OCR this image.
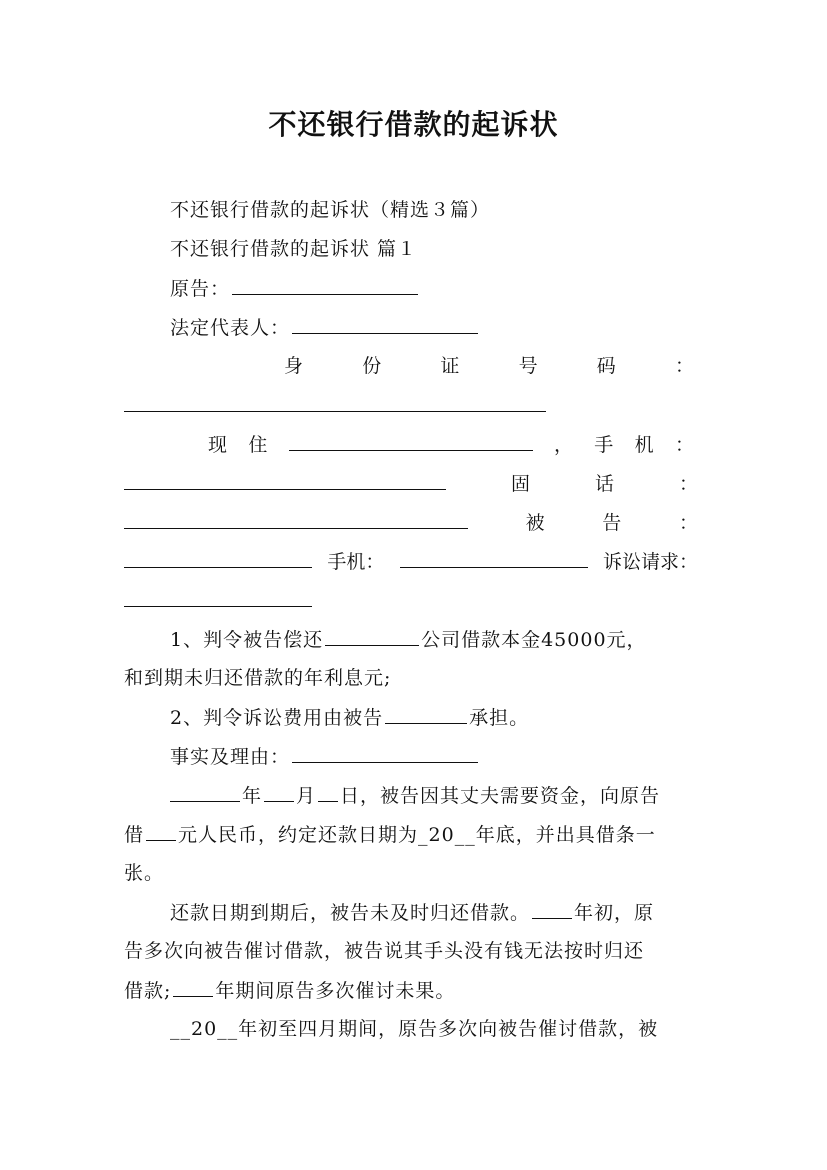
不还银行借款的起诉状
不还银行借款的起诉状（精选３篇）
不还银行借款的起诉状 篇１
原告：
法定代表人：
身	份	证	号	码	：
现 住	， 手 机 ：
固	话	：
被	告	：
手机：	诉讼请求：
1、判令被告偿还	公司借款本金45000元，
和到期未归还借款的年利息元;
2、判令诉讼费用由被告	承担。
事实及理由：
年 月 日，被告因其丈夫需要资金，向原告
借 元人民币，约定还款日期为_20__年底，并出具借条一
张。
还款日期到期后，被告未及时归还借款。 年初，原
告多次向被告催讨借款，被告说其手头没有钱无法按时归还
借款; 年期间原告多次催讨未果。
__20__年初至四月期间，原告多次向被告催讨借款，被
